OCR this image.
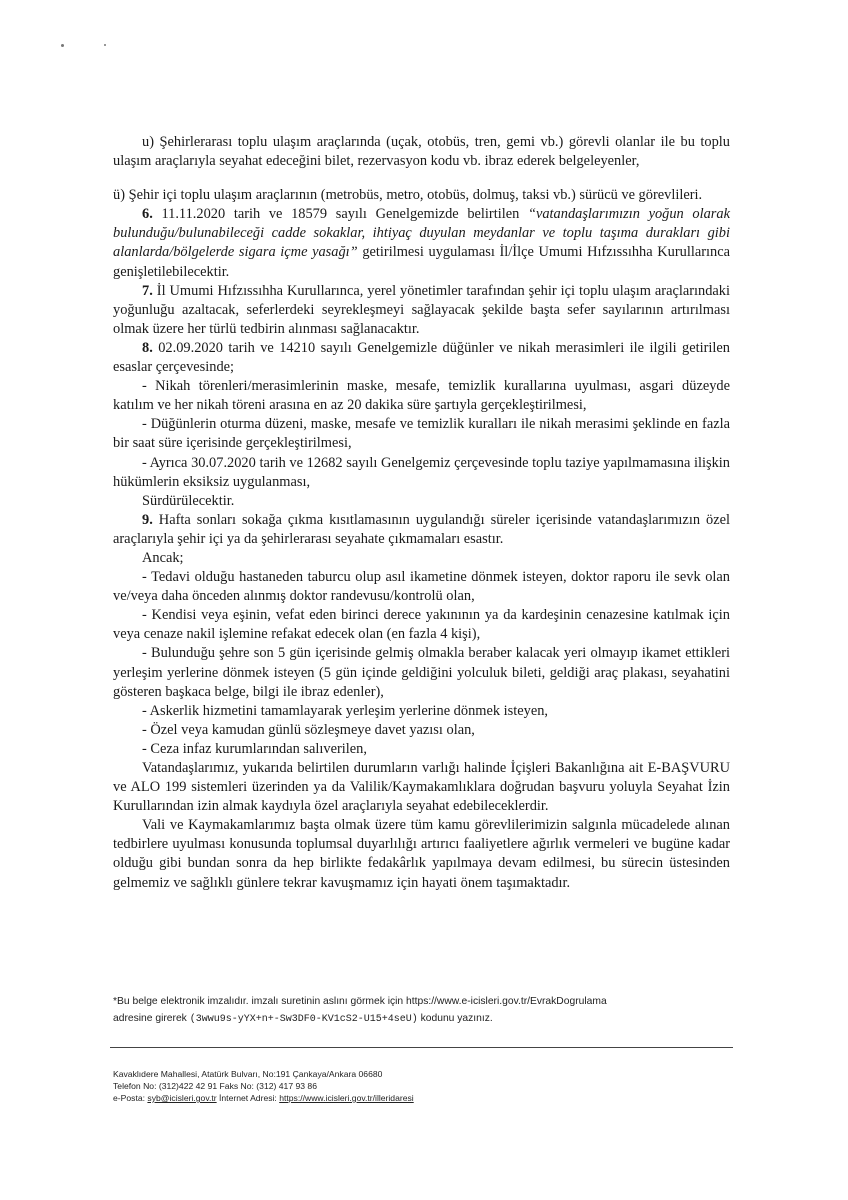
u) Şehirlerarası toplu ulaşım araçlarında (uçak, otobüs, tren, gemi vb.) görevli olanlar ile bu toplu ulaşım araçlarıyla seyahat edeceğini bilet, rezervasyon kodu vb. ibraz ederek belgeleyenler,

ü) Şehir içi toplu ulaşım araçlarının (metrobüs, metro, otobüs, dolmuş, taksi vb.) sürücü ve görevlileri.

6. 11.11.2020 tarih ve 18579 sayılı Genelgemizde belirtilen “vatandaşlarımızın yoğun olarak bulunduğu/bulunabileceği cadde sokaklar, ihtiyaç duyulan meydanlar ve toplu taşıma durakları gibi alanlarda/bölgelerde sigara içme yasağı” getirilmesi uygulaması İl/İlçe Umumi Hıfzıssıhha Kurullarınca genişletilebilecektir.

7. İl Umumi Hıfzıssıhha Kurullarınca, yerel yönetimler tarafından şehir içi toplu ulaşım araçlarındaki yoğunluğu azaltacak, seferlerdeki seyrekleşmeyi sağlayacak şekilde başta sefer sayılarının artırılması olmak üzere her türlü tedbirin alınması sağlanacaktır.

8. 02.09.2020 tarih ve 14210 sayılı Genelgemizle düğünler ve nikah merasimleri ile ilgili getirilen esaslar çerçevesinde;

- Nikah törenleri/merasimlerinin maske, mesafe, temizlik kurallarına uyulması, asgari düzeyde katılım ve her nikah töreni arasına en az 20 dakika süre şartıyla gerçekleştirilmesi,

- Düğünlerin oturma düzeni, maske, mesafe ve temizlik kuralları ile nikah merasimi şeklinde en fazla bir saat süre içerisinde gerçekleştirilmesi,

- Ayrıca 30.07.2020 tarih ve 12682 sayılı Genelgemiz çerçevesinde toplu taziye yapılmamasına ilişkin hükümlerin eksiksiz uygulanması,

Sürdürülecektir.

9. Hafta sonları sokağa çıkma kısıtlamasının uygulandığı süreler içerisinde vatandaşlarımızın özel araçlarıyla şehir içi ya da şehirlerarası seyahate çıkmamaları esastır.

Ancak;

- Tedavi olduğu hastaneden taburcu olup asıl ikametine dönmek isteyen, doktor raporu ile sevk olan ve/veya daha önceden alınmış doktor randevusu/kontrolü olan,

- Kendisi veya eşinin, vefat eden birinci derece yakınının ya da kardeşinin cenazesine katılmak için veya cenaze nakil işlemine refakat edecek olan (en fazla 4 kişi),

- Bulunduğu şehre son 5 gün içerisinde gelmiş olmakla beraber kalacak yeri olmayıp ikamet ettikleri yerleşim yerlerine dönmek isteyen (5 gün içinde geldiğini yolculuk bileti, geldiği araç plakası, seyahatini gösteren başkaca belge, bilgi ile ibraz edenler),

- Askerlik hizmetini tamamlayarak yerleşim yerlerine dönmek isteyen,

- Özel veya kamudan günlü sözleşmeye davet yazısı olan,

- Ceza infaz kurumlarından salıverilen,

Vatandaşlarımız, yukarıda belirtilen durumların varlığı halinde İçişleri Bakanlığına ait E-BAŞVURU ve ALO 199 sistemleri üzerinden ya da Valilik/Kaymakamlıklara doğrudan başvuru yoluyla Seyahat İzin Kurullarından izin almak kaydıyla özel araçlarıyla seyahat edebileceklerdir.

Vali ve Kaymakamlarımız başta olmak üzere tüm kamu görevlilerimizin salgınla mücadelede alınan tedbirlere uyulması konusunda toplumsal duyarlılığı artırıcı faaliyetlere ağırlık vermeleri ve bugüne kadar olduğu gibi bundan sonra da hep birlikte fedakârlık yapılmaya devam edilmesi, bu sürecin üstesinden gelmemiz ve sağlıklı günlere tekrar kavuşmamız için hayati önem taşımaktadır.

*Bu belge elektronik imzalıdır. imzalı suretinin aslını görmek için https://www.e-icisleri.gov.tr/EvrakDogrulama
adresine girerek (3wwu9s-yYX+n+-Sw3DF0-KV1cS2-U15+4seU) kodunu yazınız.
Kavaklıdere Mahallesi, Atatürk Bulvarı, No:191 Çankaya/Ankara 06680
Telefon No: (312)422 42 91 Faks No: (312) 417 93 86
e-Posta: syb@icisleri.gov.tr İnternet Adresi: https://www.icisleri.gov.tr/illeridaresi
